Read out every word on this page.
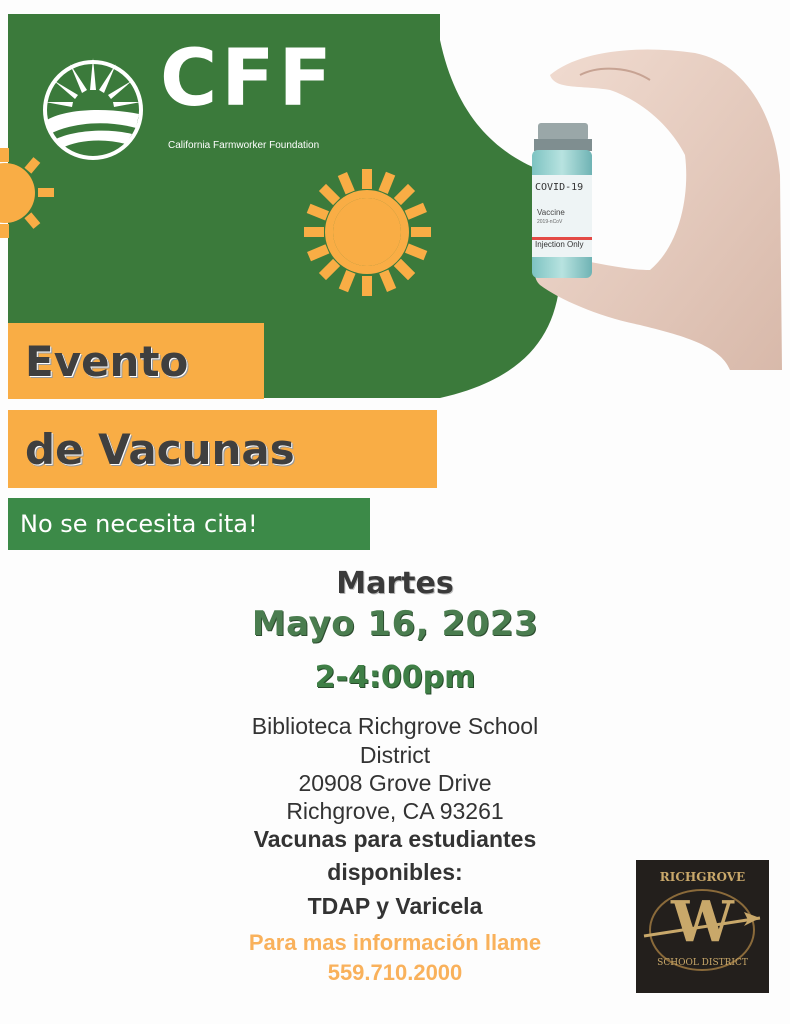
CFF
California Farmworker Foundation
COVID-19
Vaccine
2019-nCoV
Injection Only
Evento
de Vacunas
No se necesita cita!
Martes
Mayo 16, 2023
2-4:00pm
Biblioteca Richgrove School
District
20908 Grove Drive
Richgrove, CA 93261
Vacunas para estudiantes
disponibles:
TDAP y Varicela
Para mas información llame
559.710.2000
RICHGROVE
W
SCHOOL DISTRICT
